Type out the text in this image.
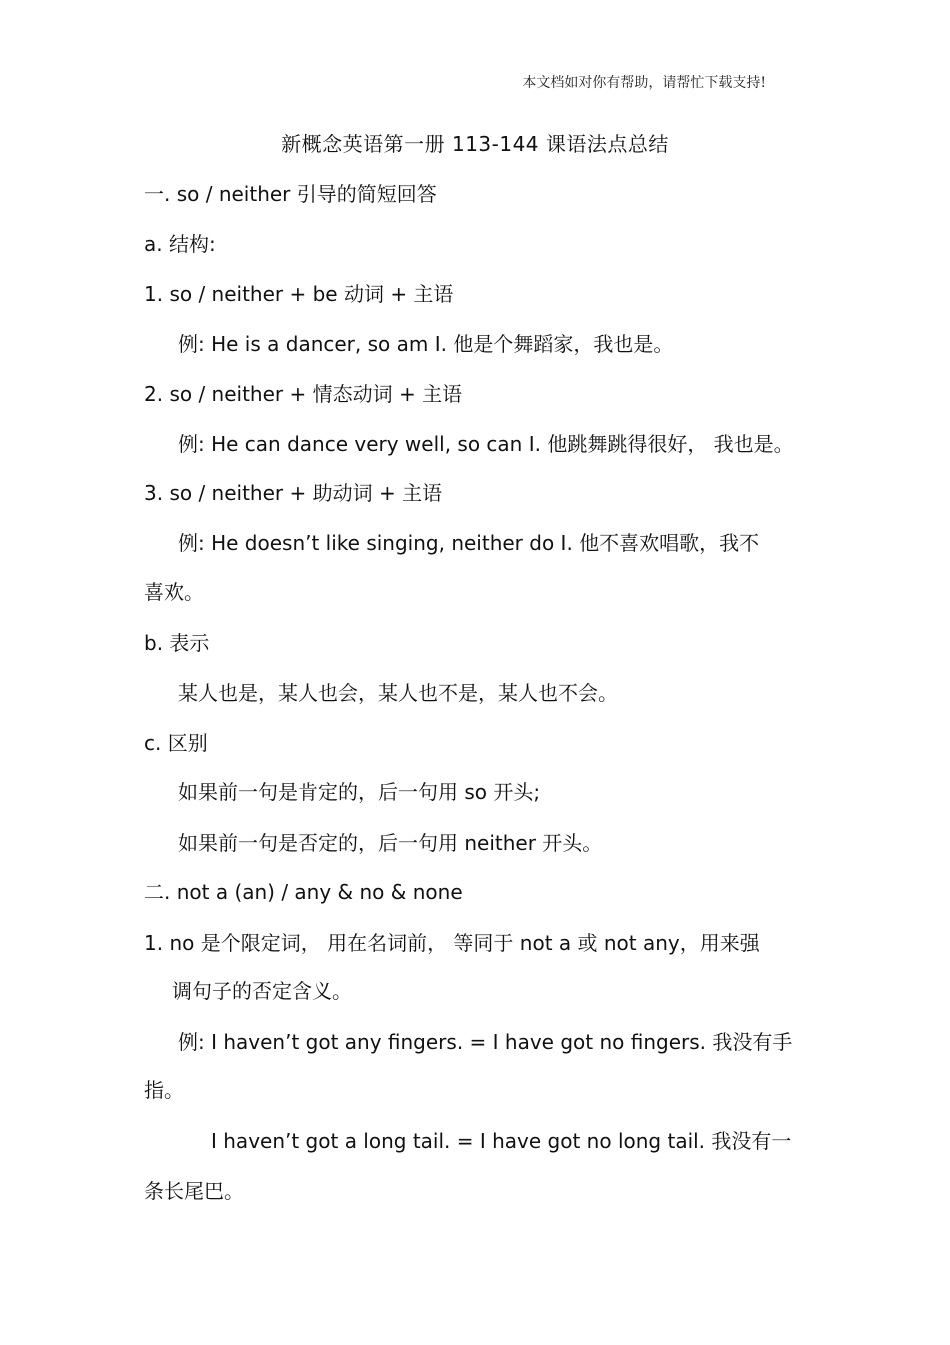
本文档如对你有帮助，请帮忙下载支持!
新概念英语第一册 113-144 课语法点总结
一. so / neither 引导的简短回答
a. 结构:
1. so / neither + be 动词 + 主语
例: He is a dancer, so am I. 他是个舞蹈家，我也是。
2. so / neither + 情态动词 + 主语
例: He can dance very well, so can I. 他跳舞跳得很好， 我也是。
3. so / neither + 助动词 + 主语
例: He doesn’t like singing, neither do I. 他不喜欢唱歌，我不
喜欢。
b. 表示
某人也是，某人也会，某人也不是，某人也不会。
c. 区别
如果前一句是肯定的，后一句用 so 开头;
如果前一句是否定的，后一句用 neither 开头。
二. not a (an) / any & no & none
1. no 是个限定词， 用在名词前， 等同于 not a 或 not any，用来强
调句子的否定含义。
例: I haven’t got any fingers. = I have got no fingers. 我没有手
指。
I haven’t got a long tail. = I have got no long tail. 我没有一
条长尾巴。
